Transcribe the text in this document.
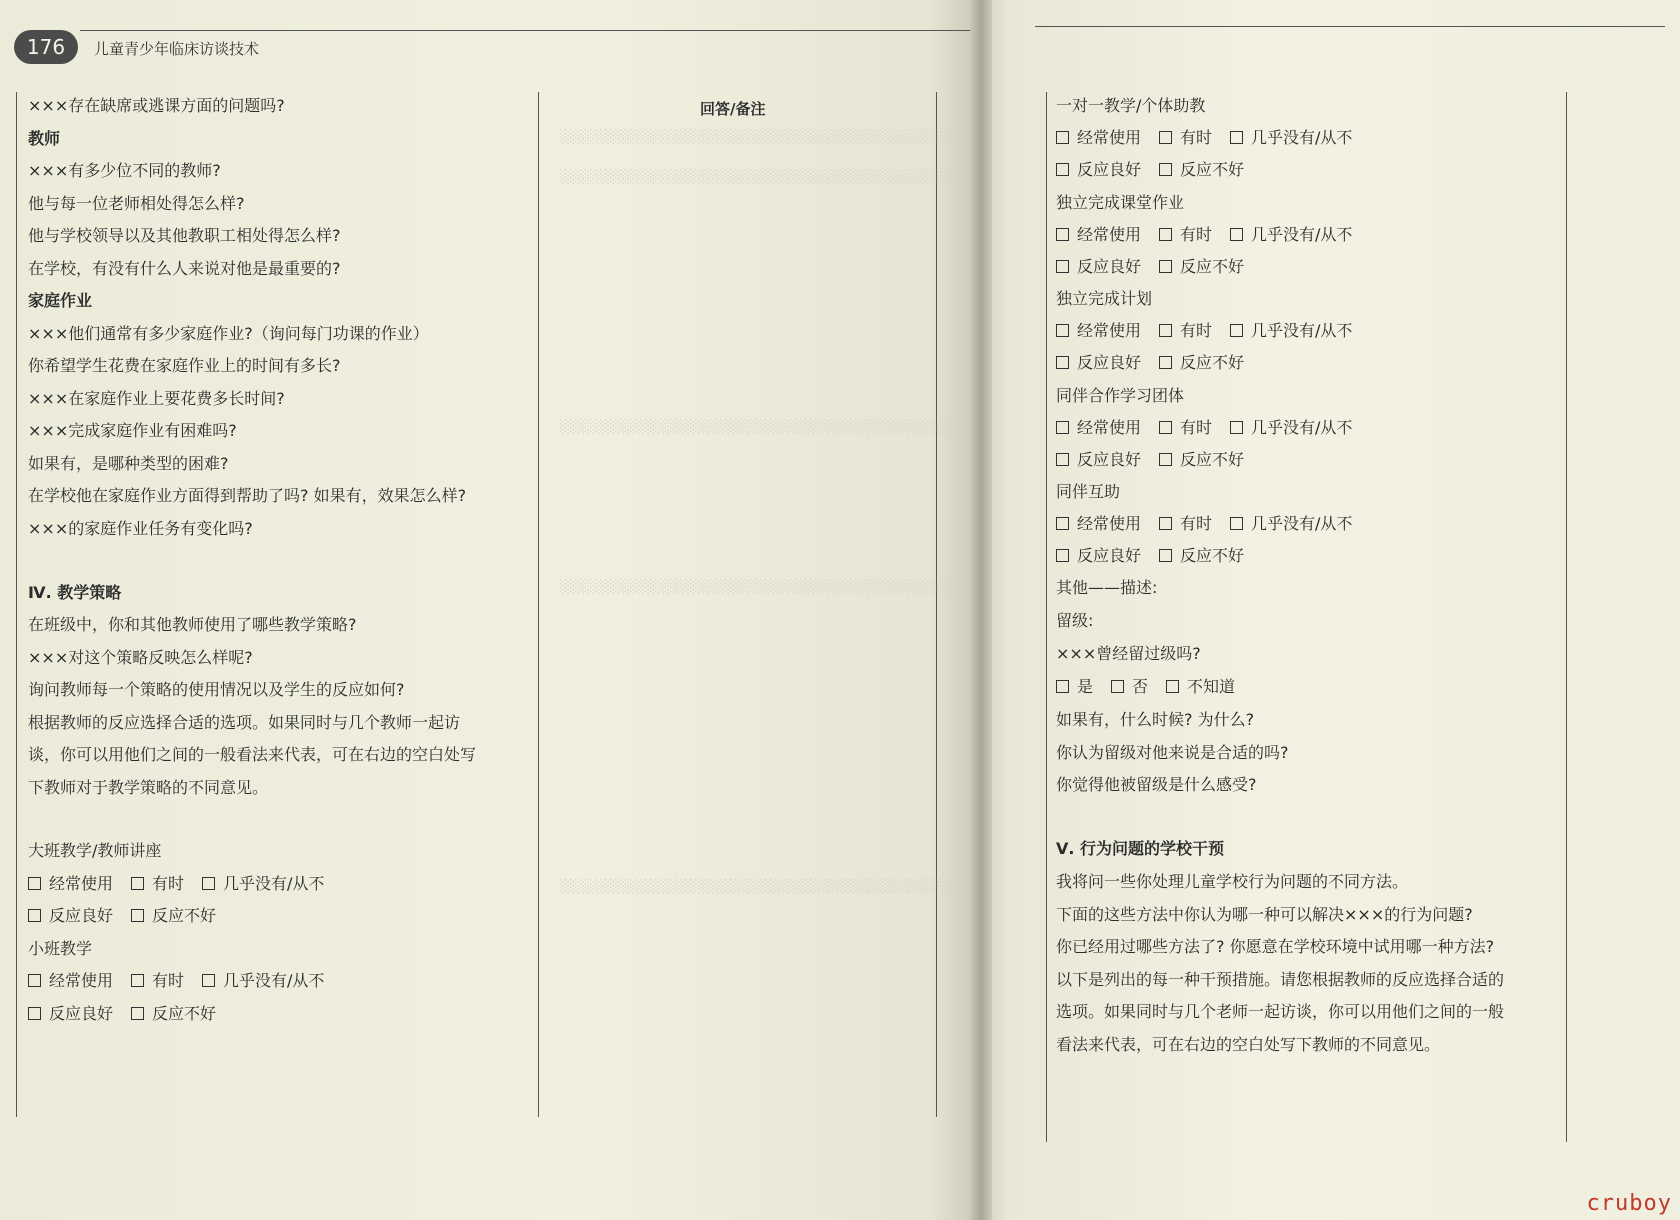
176	儿童青少年临床访谈技术
回答/备注
░░░░░░░░░░░░░░░░░░░░░░░░░░░░░░░░░░░░░░░
░░░░░░░░░░░░░░░░░░░░░░░░░░░░░░░░░░░░░░░
░░░░░░░░░░░░░░░░░░░░░░░░░░░░░░░░░░░░░░░
░░░░░░░░░░░░░░░░░░░░░░░░░░░░░░░░░░░░░░░
░░░░░░░░░░░░░░░░░░░░░░░░░░░░░░░░░░░░░░░
×××存在缺席或逃课方面的问题吗?
教师
×××有多少位不同的教师?
他与每一位老师相处得怎么样?
他与学校领导以及其他教职工相处得怎么样?
在学校，有没有什么人来说对他是最重要的?
家庭作业
×××他们通常有多少家庭作业?（询问每门功课的作业）
你希望学生花费在家庭作业上的时间有多长?
×××在家庭作业上要花费多长时间?
×××完成家庭作业有困难吗?
如果有，是哪种类型的困难?
在学校他在家庭作业方面得到帮助了吗? 如果有，效果怎么样?
×××的家庭作业任务有变化吗?
Ⅳ. 教学策略
在班级中，你和其他教师使用了哪些教学策略?
×××对这个策略反映怎么样呢?
询问教师每一个策略的使用情况以及学生的反应如何?
根据教师的反应选择合适的选项。如果同时与几个教师一起访
谈，你可以用他们之间的一般看法来代表，可在右边的空白处写
下教师对于教学策略的不同意见。
大班教学/教师讲座
经常使用 有时 几乎没有/从不
反应良好 反应不好
小班教学
经常使用 有时 几乎没有/从不
反应良好 反应不好
一对一教学/个体助教
经常使用 有时 几乎没有/从不
反应良好 反应不好
独立完成课堂作业
经常使用 有时 几乎没有/从不
反应良好 反应不好
独立完成计划
经常使用 有时 几乎没有/从不
反应良好 反应不好
同伴合作学习团体
经常使用 有时 几乎没有/从不
反应良好 反应不好
同伴互助
经常使用 有时 几乎没有/从不
反应良好 反应不好
其他——描述:
留级:
×××曾经留过级吗?
是 否 不知道
如果有，什么时候? 为什么?
你认为留级对他来说是合适的吗?
你觉得他被留级是什么感受?
Ⅴ. 行为问题的学校干预
我将问一些你处理儿童学校行为问题的不同方法。
下面的这些方法中你认为哪一种可以解决×××的行为问题?
你已经用过哪些方法了? 你愿意在学校环境中试用哪一种方法?
以下是列出的每一种干预措施。请您根据教师的反应选择合适的
选项。如果同时与几个老师一起访谈，你可以用他们之间的一般
看法来代表，可在右边的空白处写下教师的不同意见。
cruboy
